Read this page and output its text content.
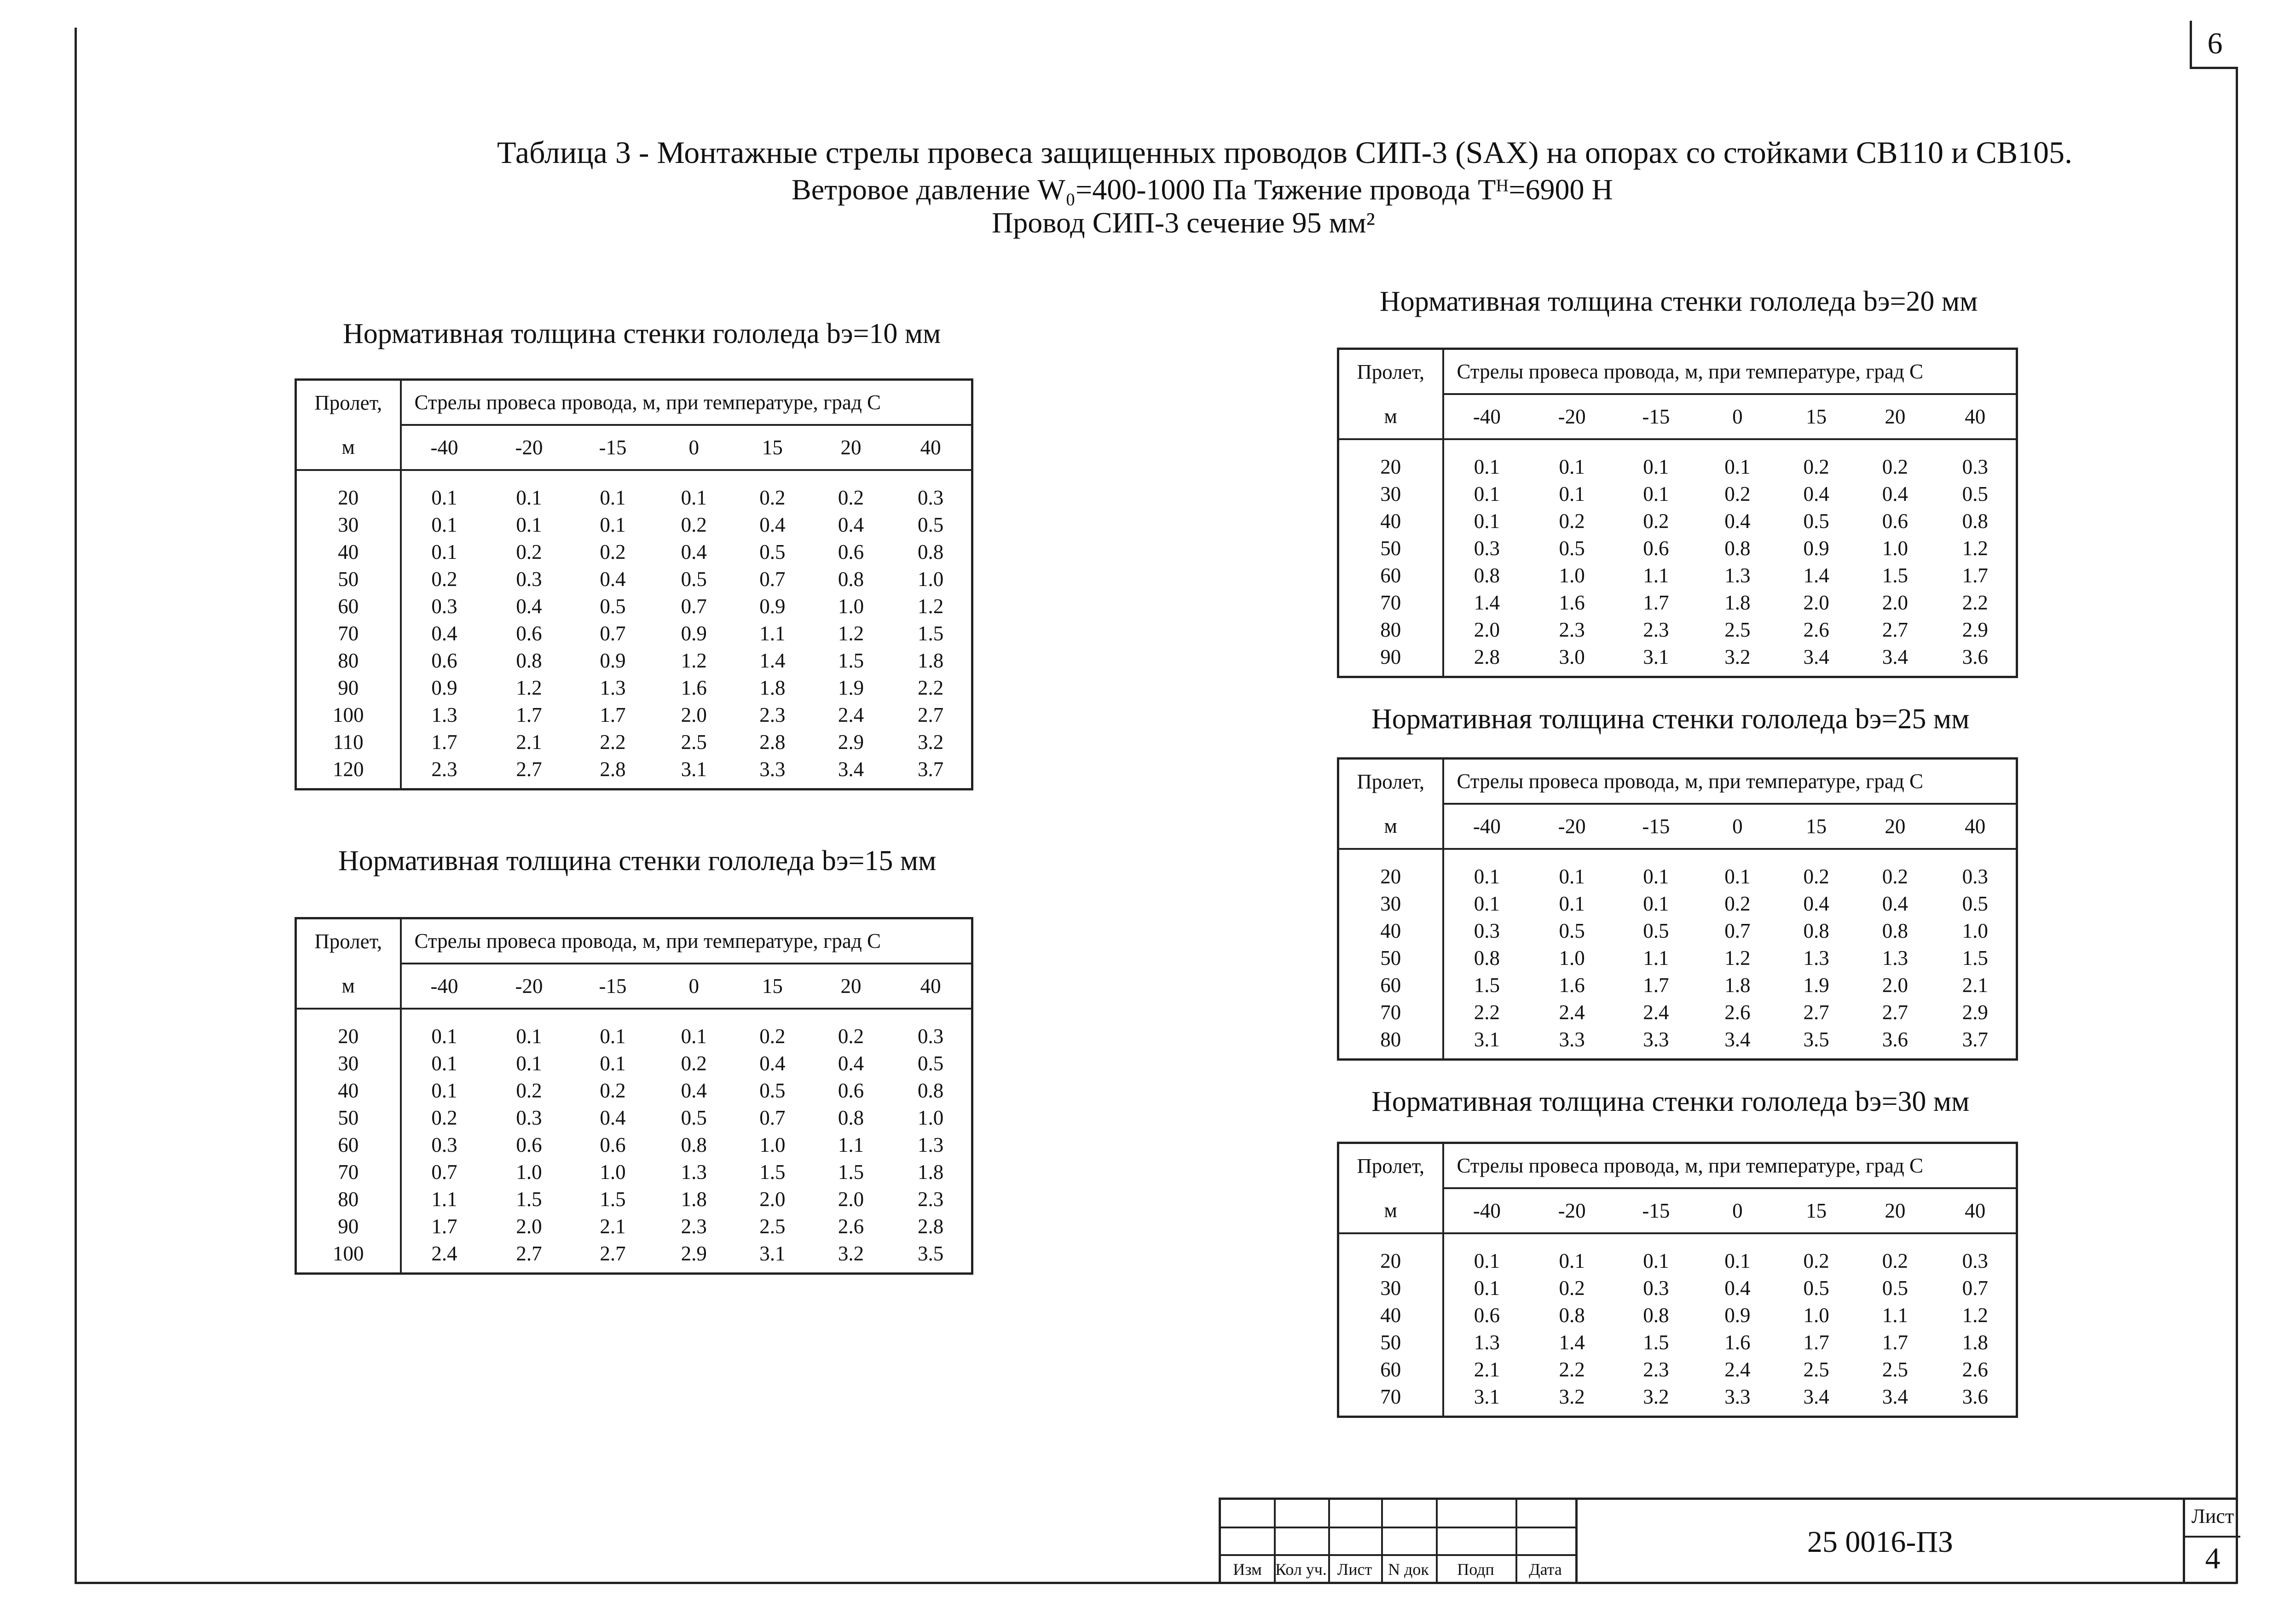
6
Таблица 3 - Монтажные стрелы провеса защищенных проводов СИП-3 (SAX) на опорах со стойками СВ110 и СВ105.
Ветровое давление W₀=400-1000 Па Тяжение провода Tᴴ=6900 Н
Провод СИП-3 сечение 95 мм²
Нормативная толщина стенки гололеда bэ=10 мм
Нормативная толщина стенки гололеда bэ=15 мм
Нормативная толщина стенки гололеда bэ=20 мм
Нормативная толщина стенки гололеда bэ=25 мм
Нормативная толщина стенки гололеда bэ=30 мм
Пролет,	Стрелы провеса провода, м, при температуре, град С						
м	-40	-20	-15	0	15	20	40
20	0.1	0.1	0.1	0.1	0.2	0.2	0.3
30	0.1	0.1	0.1	0.2	0.4	0.4	0.5
40	0.1	0.2	0.2	0.4	0.5	0.6	0.8
50	0.2	0.3	0.4	0.5	0.7	0.8	1.0
60	0.3	0.4	0.5	0.7	0.9	1.0	1.2
70	0.4	0.6	0.7	0.9	1.1	1.2	1.5
80	0.6	0.8	0.9	1.2	1.4	1.5	1.8
90	0.9	1.2	1.3	1.6	1.8	1.9	2.2
100	1.3	1.7	1.7	2.0	2.3	2.4	2.7
110	1.7	2.1	2.2	2.5	2.8	2.9	3.2
120	2.3	2.7	2.8	3.1	3.3	3.4	3.7
Пролет,	Стрелы провеса провода, м, при температуре, град С						
м	-40	-20	-15	0	15	20	40
20	0.1	0.1	0.1	0.1	0.2	0.2	0.3
30	0.1	0.1	0.1	0.2	0.4	0.4	0.5
40	0.1	0.2	0.2	0.4	0.5	0.6	0.8
50	0.2	0.3	0.4	0.5	0.7	0.8	1.0
60	0.3	0.6	0.6	0.8	1.0	1.1	1.3
70	0.7	1.0	1.0	1.3	1.5	1.5	1.8
80	1.1	1.5	1.5	1.8	2.0	2.0	2.3
90	1.7	2.0	2.1	2.3	2.5	2.6	2.8
100	2.4	2.7	2.7	2.9	3.1	3.2	3.5
Пролет,	Стрелы провеса провода, м, при температуре, град С						
м	-40	-20	-15	0	15	20	40
20	0.1	0.1	0.1	0.1	0.2	0.2	0.3
30	0.1	0.1	0.1	0.2	0.4	0.4	0.5
40	0.1	0.2	0.2	0.4	0.5	0.6	0.8
50	0.3	0.5	0.6	0.8	0.9	1.0	1.2
60	0.8	1.0	1.1	1.3	1.4	1.5	1.7
70	1.4	1.6	1.7	1.8	2.0	2.0	2.2
80	2.0	2.3	2.3	2.5	2.6	2.7	2.9
90	2.8	3.0	3.1	3.2	3.4	3.4	3.6
Пролет,	Стрелы провеса провода, м, при температуре, град С						
м	-40	-20	-15	0	15	20	40
20	0.1	0.1	0.1	0.1	0.2	0.2	0.3
30	0.1	0.1	0.1	0.2	0.4	0.4	0.5
40	0.3	0.5	0.5	0.7	0.8	0.8	1.0
50	0.8	1.0	1.1	1.2	1.3	1.3	1.5
60	1.5	1.6	1.7	1.8	1.9	2.0	2.1
70	2.2	2.4	2.4	2.6	2.7	2.7	2.9
80	3.1	3.3	3.3	3.4	3.5	3.6	3.7
Пролет,	Стрелы провеса провода, м, при температуре, град С						
м	-40	-20	-15	0	15	20	40
20	0.1	0.1	0.1	0.1	0.2	0.2	0.3
30	0.1	0.2	0.3	0.4	0.5	0.5	0.7
40	0.6	0.8	0.8	0.9	1.0	1.1	1.2
50	1.3	1.4	1.5	1.6	1.7	1.7	1.8
60	2.1	2.2	2.3	2.4	2.5	2.5	2.6
70	3.1	3.2	3.2	3.3	3.4	3.4	3.6
Изм Кол уч. Лист N док	Подп	Дата
25 0016-ПЗ
Лист
4
